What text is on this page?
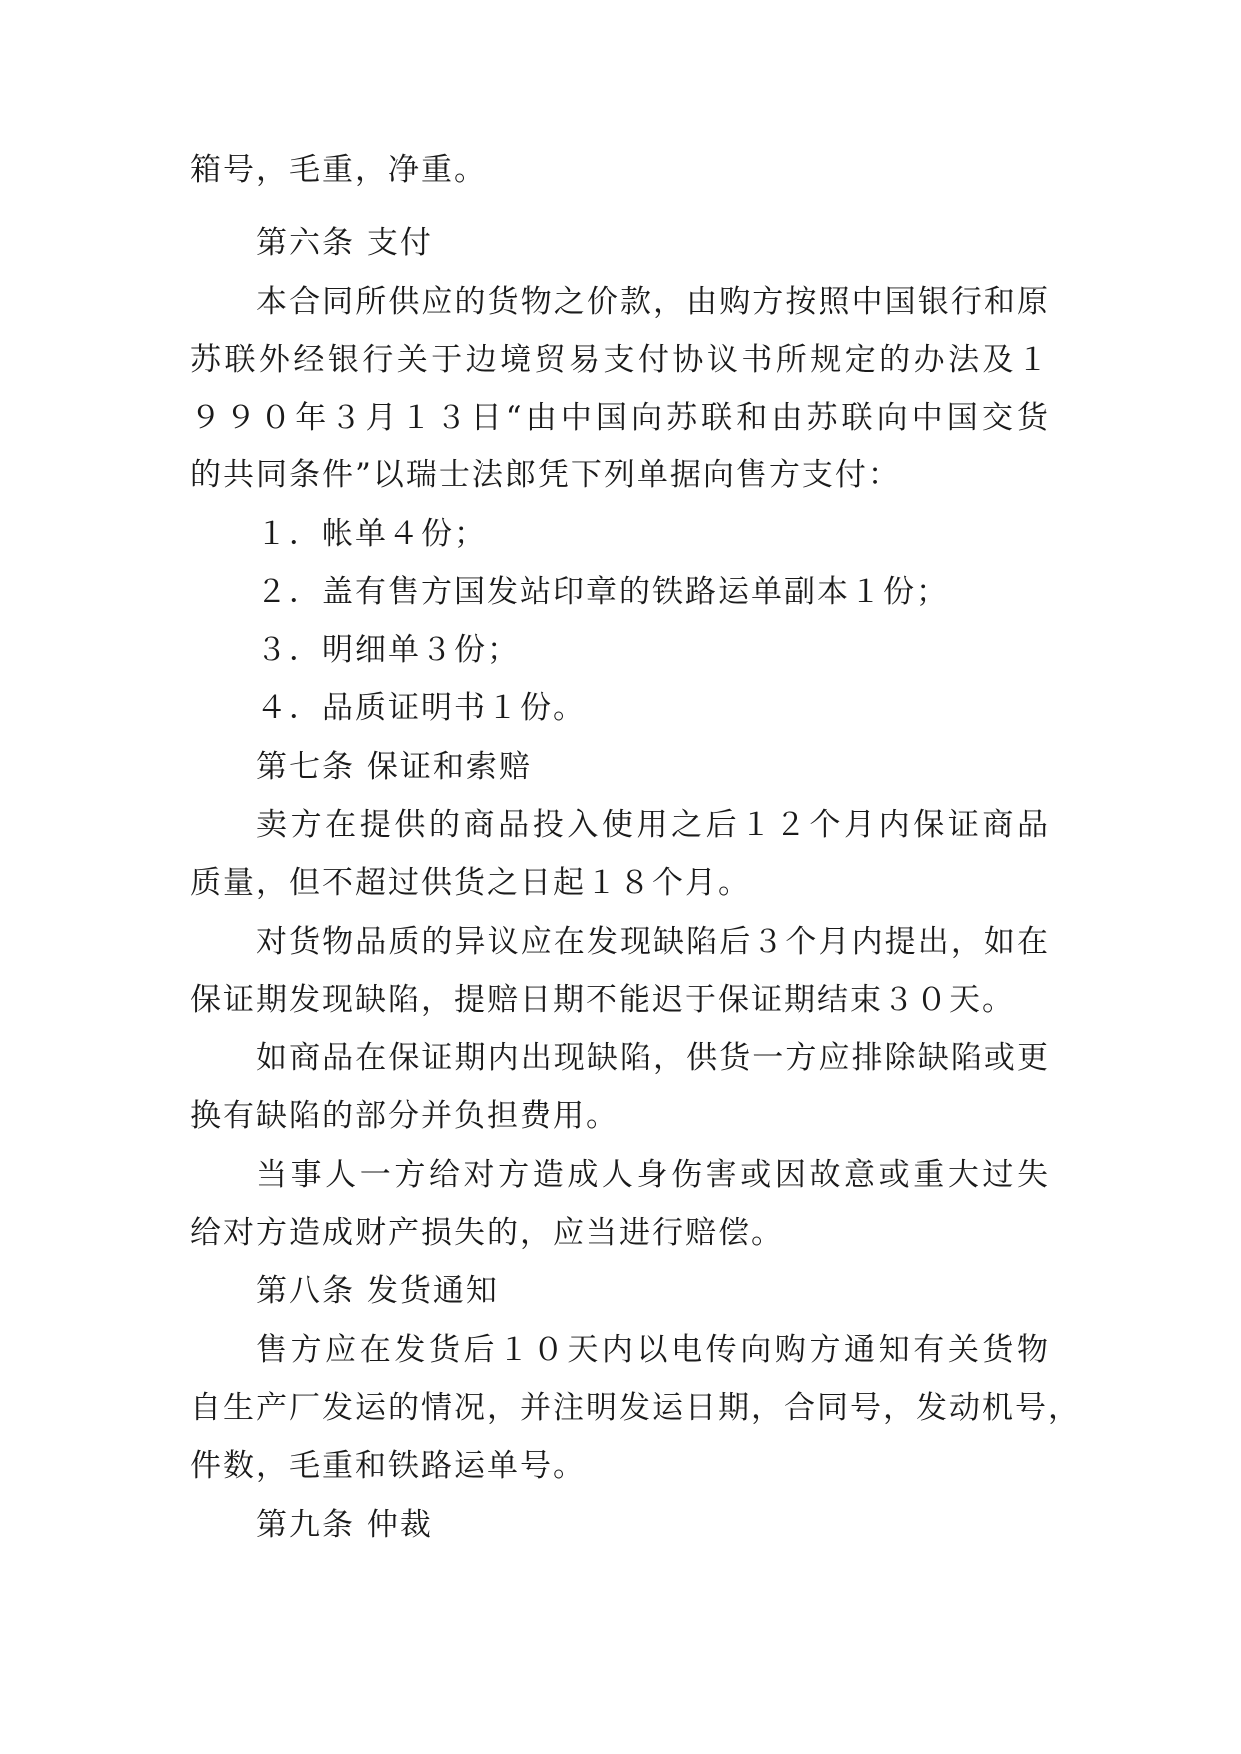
箱号，毛重，净重。
第六条 支付
本合同所供应的货物之价款，由购方按照中国银行和原
苏联外经银行关于边境贸易支付协议书所规定的办法及１
９９０年３月１３日“由中国向苏联和由苏联向中国交货
的共同条件”以瑞士法郎凭下列单据向售方支付：
１．帐单４份；
２．盖有售方国发站印章的铁路运单副本１份；
３．明细单３份；
４．品质证明书１份。
第七条 保证和索赔
卖方在提供的商品投入使用之后１２个月内保证商品
质量，但不超过供货之日起１８个月。
对货物品质的异议应在发现缺陷后３个月内提出，如在
保证期发现缺陷，提赔日期不能迟于保证期结束３０天。
如商品在保证期内出现缺陷，供货一方应排除缺陷或更
换有缺陷的部分并负担费用。
当事人一方给对方造成人身伤害或因故意或重大过失
给对方造成财产损失的，应当进行赔偿。
第八条 发货通知
售方应在发货后１０天内以电传向购方通知有关货物
自生产厂发运的情况，并注明发运日期，合同号，发动机号，
件数，毛重和铁路运单号。
第九条 仲裁
